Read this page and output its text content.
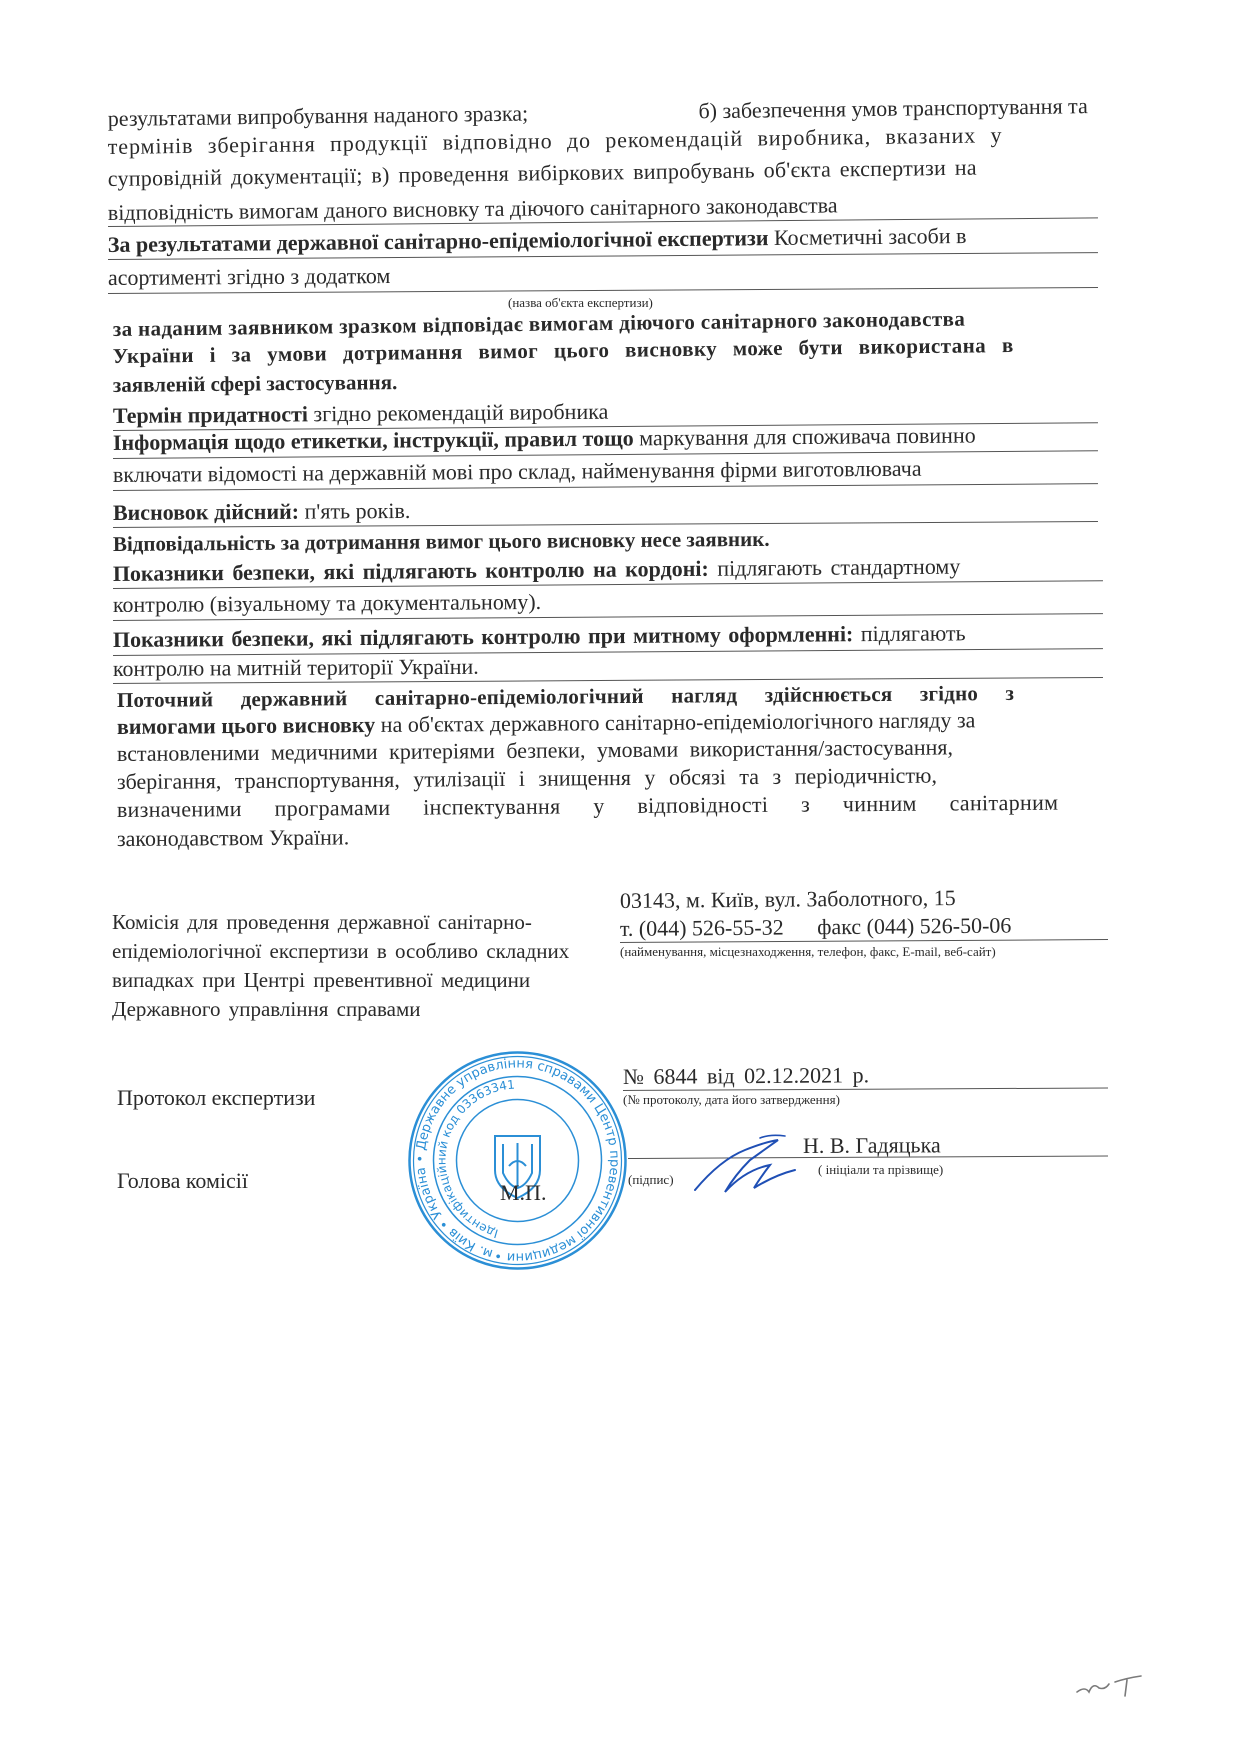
результатами випробування наданого зразка;	б) забезпечення умов транспортування та
термінів зберігання продукції відповідно до рекомендацій виробника, вказаних у
супровідній документації; в) проведення вибіркових випробувань об'єкта експертизи на
відповідність вимогам даного висновку та діючого санітарного законодавства
За результатами державної санітарно-епідеміологічної експертизи Косметичні засоби в
асортименті згідно з додатком
(назва об'єкта експертизи)
за наданим заявником зразком відповідає вимогам діючого санітарного законодавства
України і за умови дотримання вимог цього висновку може бути використана в
заявленій сфері застосування.
Термін придатності згідно рекомендацій виробника
Інформація щодо етикетки, інструкції, правил тощо маркування для споживача повинно
включати відомості на державній мові про склад, найменування фірми виготовлювача
Висновок дійсний: п'ять років.
Відповідальність за дотримання вимог цього висновку несе заявник.
Показники безпеки, які підлягають контролю на кордоні: підлягають стандартному
контролю (візуальному та документальному).
Показники безпеки, які підлягають контролю при митному оформленні: підлягають
контролю на митній території України.
Поточний державний санітарно-епідеміологічний нагляд здійснюється згідно з
вимогами цього висновку на об'єктах державного санітарно-епідеміологічного нагляду за
встановленими медичними критеріями безпеки, умовами використання/застосування,
зберігання, транспортування, утилізації і знищення у обсязі та з періодичністю,
визначеними програмами інспектування у відповідності з чинним санітарним
законодавством України.
Комісія для проведення державної санітарно-епідеміологічної експертизи в особливо складних випадках при Центрі превентивної медицини Державного управління справами
03143, м. Київ, вул. Заболотного, 15
т. (044) 526-55-32 факс (044) 526-50-06
(найменування, місцезнаходження, телефон, факс, E-mail, веб-сайт)
Протокол експертизи
№ 6844 від 02.12.2021 р.
(№ протоколу, дата його затвердження)
Голова комісії
Н. В. Гадяцька
(підпис)
( ініціали та прізвище)
м. Київ • Україна • Державне управління справами Центр превентивної медицини •
Ідентифікаційний код 03363341
М.П.
